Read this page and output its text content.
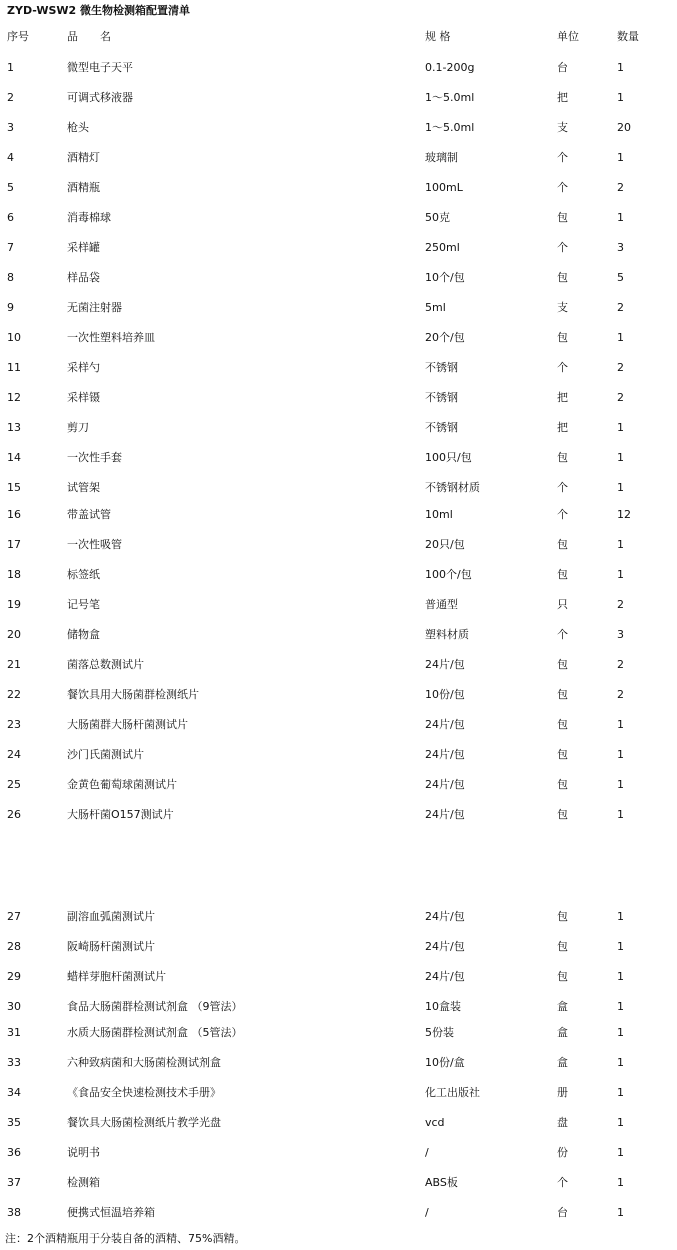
ZYD-WSW2 微生物检测箱配置清单
序号	品　　名	规 格	单位	数量
1	微型电子天平	0.1-200g	台	1
2	可调式移液器	1～5.0ml	把	1
3	枪头	1～5.0ml	支	20
4	酒精灯	玻璃制	个	1
5	酒精瓶	100mL	个	2
6	消毒棉球	50克	包	1
7	采样罐	250ml	个	3
8	样品袋	10个/包	包	5
9	无菌注射器	5ml	支	2
10	一次性塑料培养皿	20个/包	包	1
11	采样勺	不锈钢	个	2
12	采样镊	不锈钢	把	2
13	剪刀	不锈钢	把	1
14	一次性手套	100只/包	包	1
15	试管架	不锈钢材质	个	1
16	带盖试管	10ml	个	12
17	一次性吸管	20只/包	包	1
18	标签纸	100个/包	包	1
19	记号笔	普通型	只	2
20	储物盒	塑料材质	个	3
21	菌落总数测试片	24片/包	包	2
22	餐饮具用大肠菌群检测纸片	10份/包	包	2
23	大肠菌群大肠杆菌测试片	24片/包	包	1
24	沙门氏菌测试片	24片/包	包	1
25	金黄色葡萄球菌测试片	24片/包	包	1
26	大肠杆菌O157测试片	24片/包	包	1
27	副溶血弧菌测试片	24片/包	包	1
28	阪崎肠杆菌测试片	24片/包	包	1
29	蜡样芽胞杆菌测试片	24片/包	包	1
30	食品大肠菌群检测试剂盒 （9管法）	10盒装	盒	1
31	水质大肠菌群检测试剂盒 （5管法）	5份装	盒	1
33	六种致病菌和大肠菌检测试剂盒	10份/盒	盒	1
34	《食品安全快速检测技术手册》	化工出版社	册	1
35	餐饮具大肠菌检测纸片教学光盘	vcd	盘	1
36	说明书	/	份	1
37	检测箱	ABS板	个	1
38	便携式恒温培养箱	/	台	1
注：2个酒精瓶用于分装自备的酒精、75%酒精。
